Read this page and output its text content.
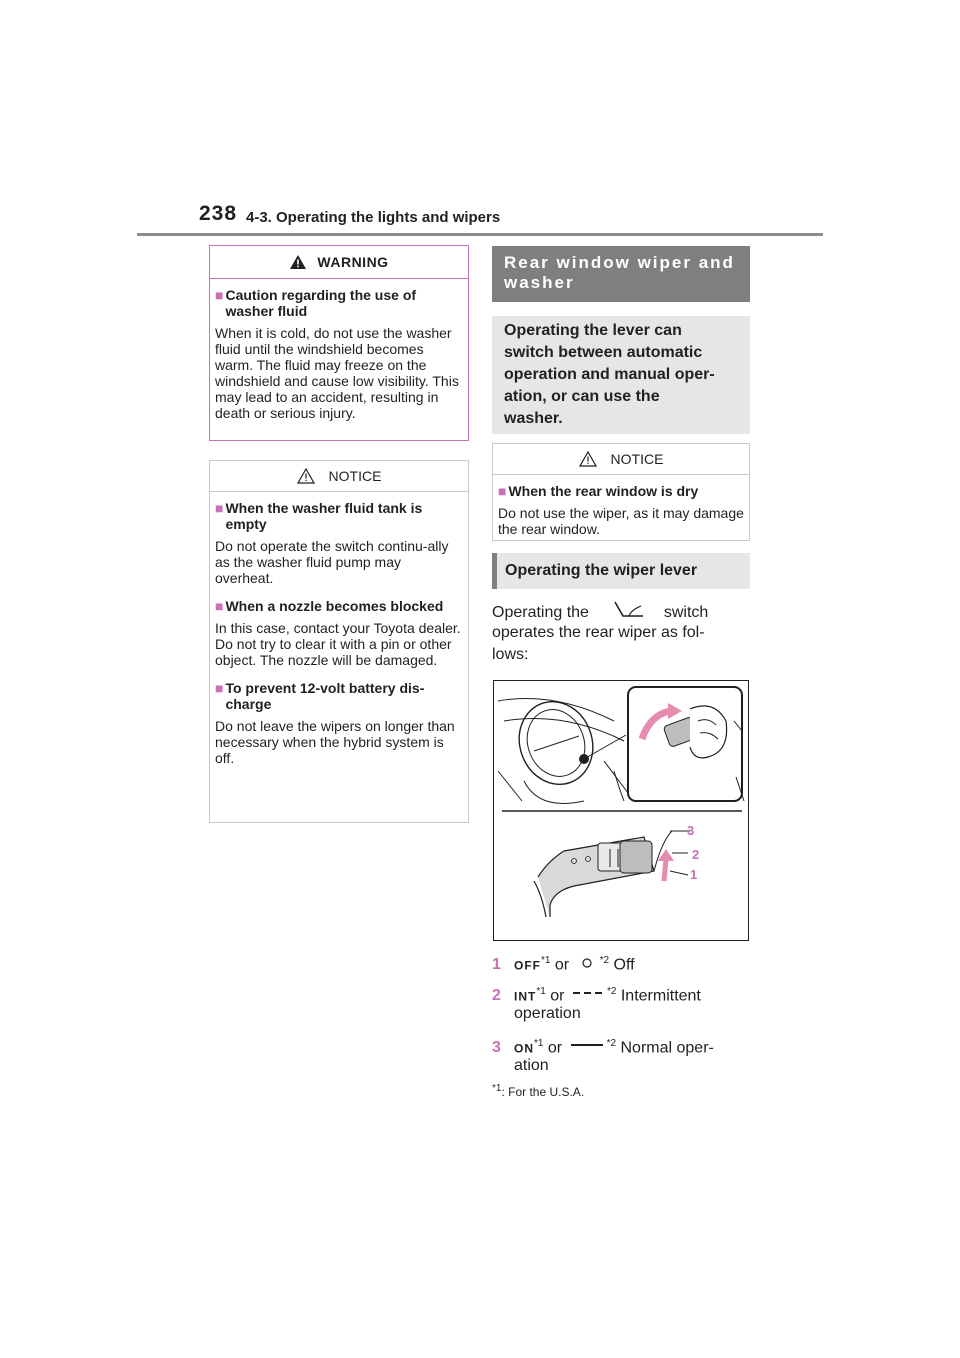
238 4-3. Operating the lights and wipers
WARNING
■ Caution regarding the use of washer fluid
When it is cold, do not use the washer fluid until the windshield becomes warm. The fluid may freeze on the windshield and cause low visibility. This may lead to an accident, resulting in death or serious injury.
NOTICE
■ When the washer fluid tank is empty
Do not operate the switch continu-ally as the washer fluid pump may overheat.
■ When a nozzle becomes blocked
In this case, contact your Toyota dealer.
Do not try to clear it with a pin or other object. The nozzle will be damaged.
■ To prevent 12-volt battery dis-charge
Do not leave the wipers on longer than necessary when the hybrid system is off.
Rear window wiper and washer
Operating the lever can
switch between automatic
operation and manual oper-
ation, or can use the
washer.
NOTICE
■ When the rear window is dry
Do not use the wiper, as it may damage the rear window.
Operating the wiper lever
Operating the	switch
operates the rear wiper as fol-
lows:
3
2
1
1 OFF$^{*1}$ or	$^{*2}$ Off
2 INT$^{*1}$ or	$^{*2}$ Intermittent
operation
3 ON$^{*1}$ or	$^{*2}$ Normal oper-
ation
$^{*1}$: For the U.S.A.
